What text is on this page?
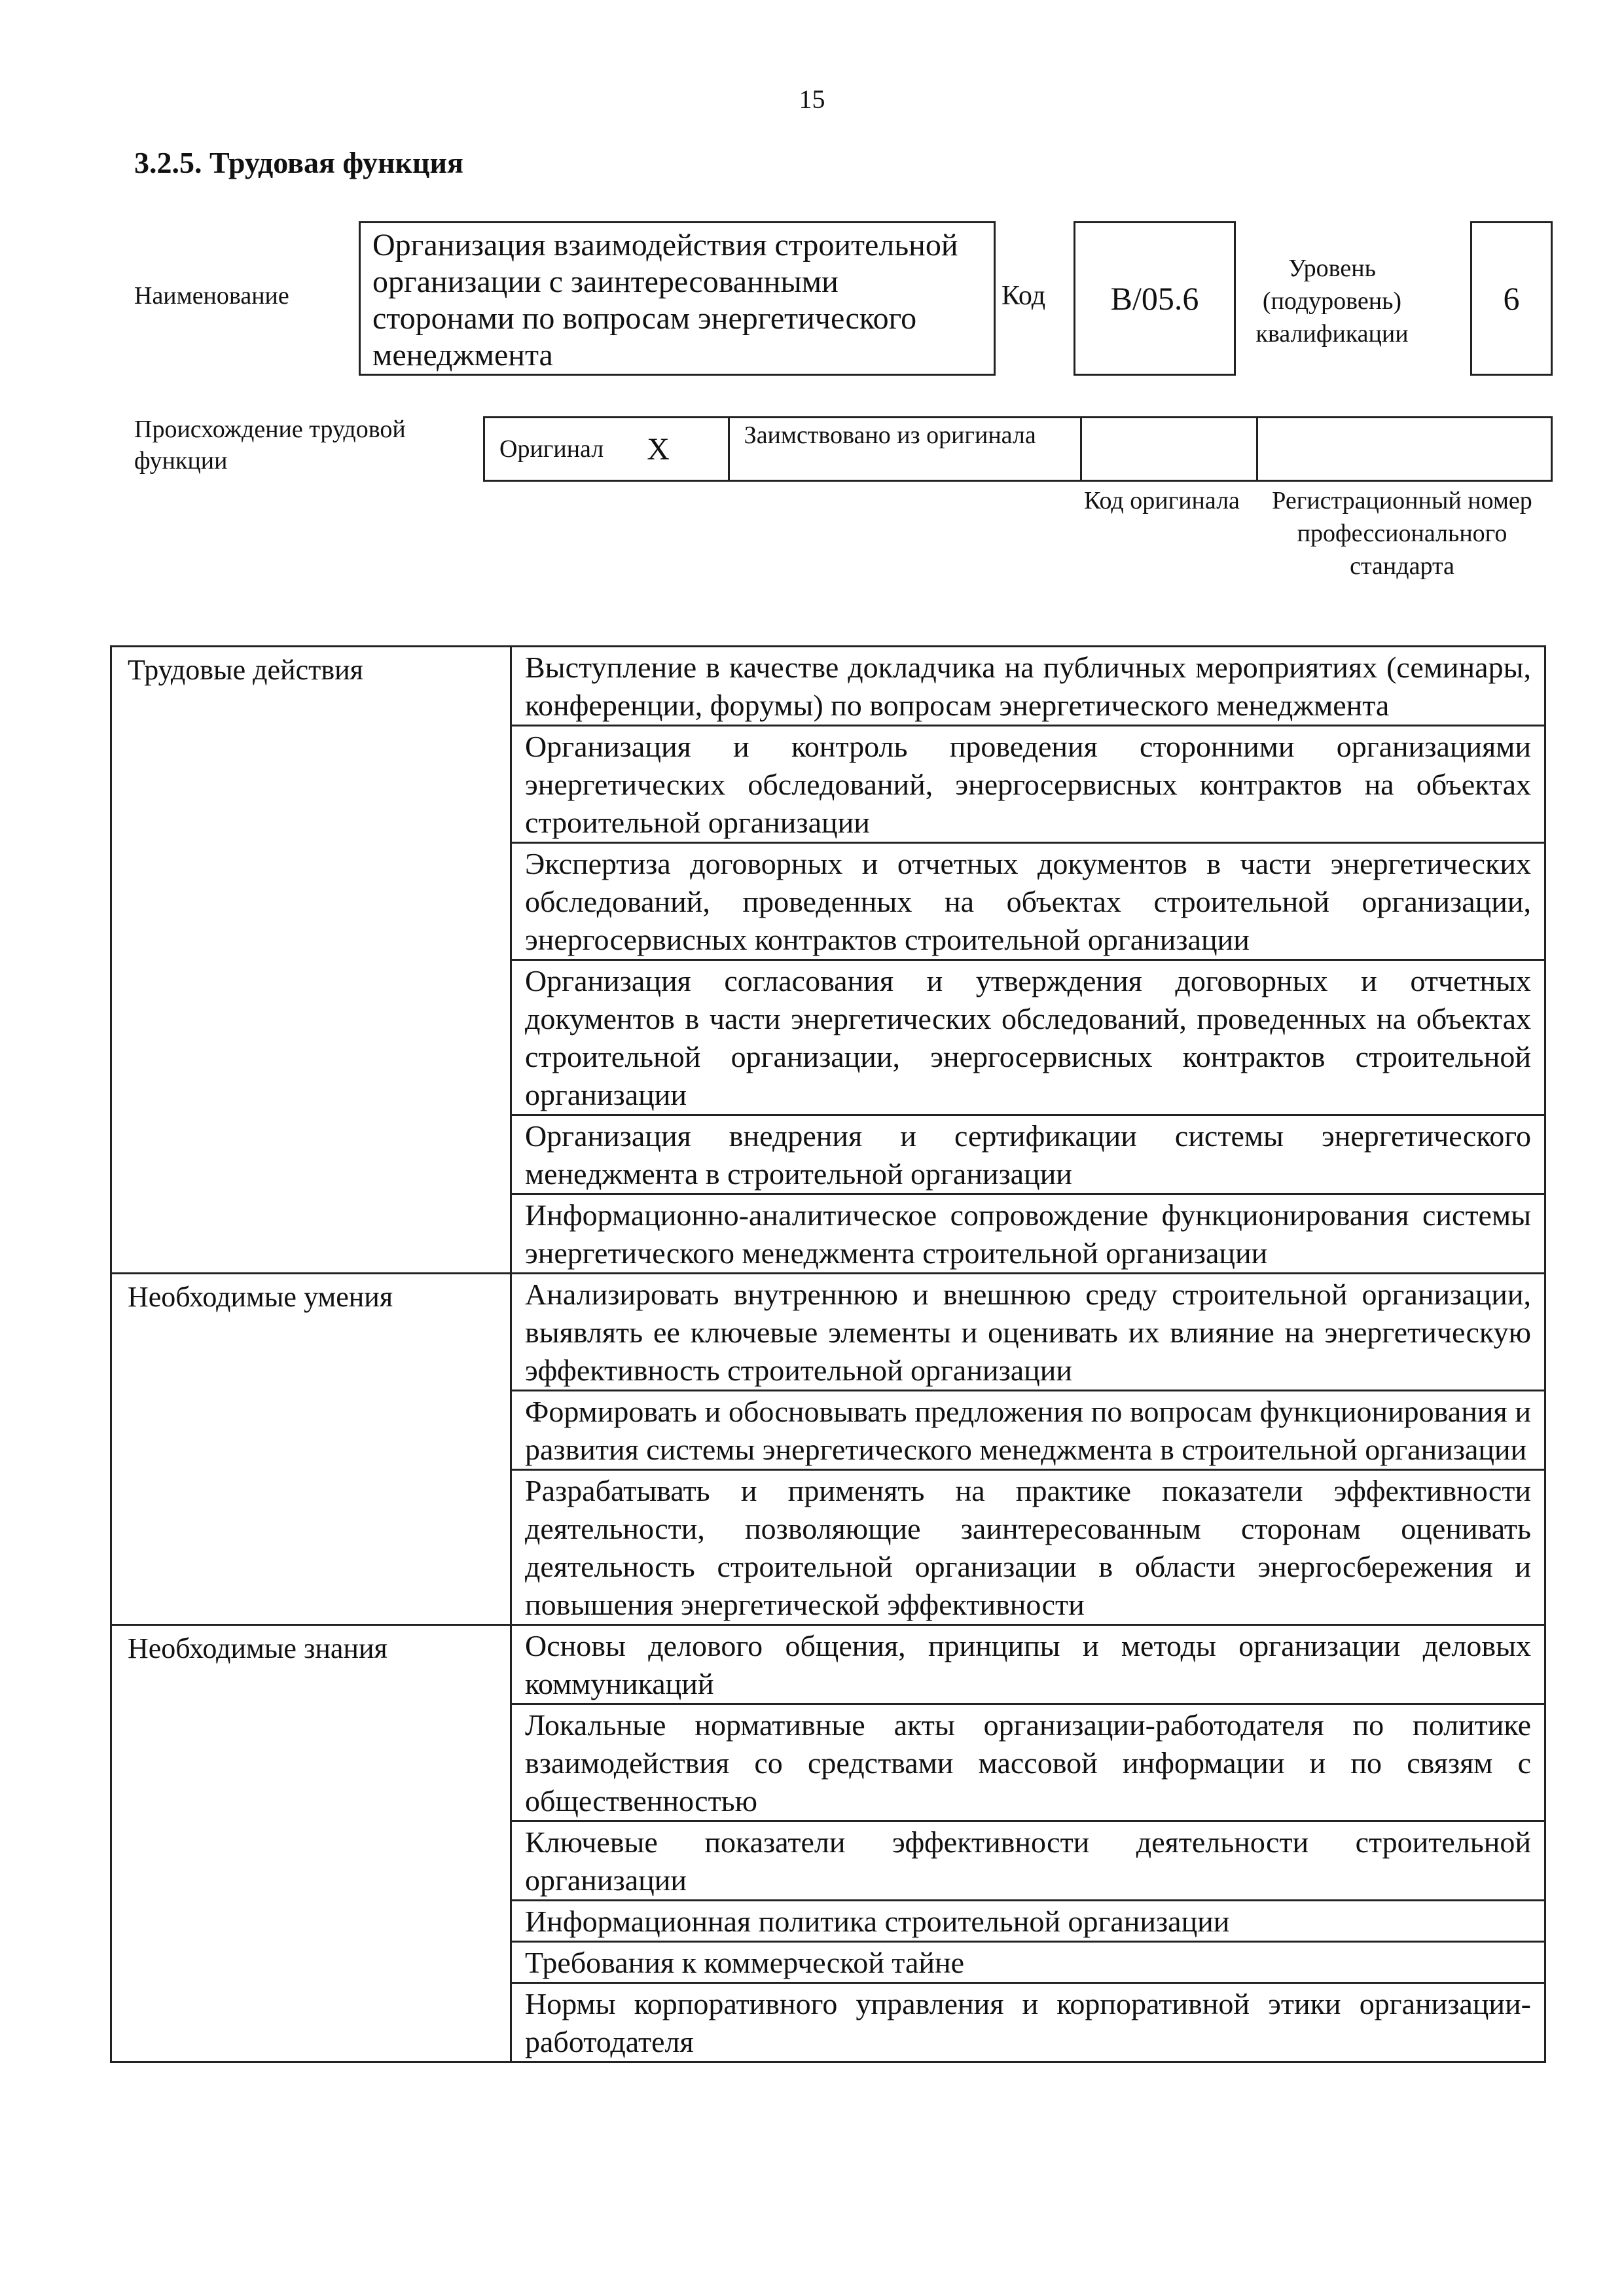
15
3.2.5. Трудовая функция
Наименование
Организация взаимодействия строительной организации с заинтересованными сторонами по вопросам энергетического менеджмента
Код	B/05.6
Уровень (подуровень) квалификации
6
Происхождение трудовой функции	Оригинал X	Заимствовано из оригинала
Код оригинала	Регистрационный номер профессионального стандарта
Трудовые действия	Выступление в качестве докладчика на публичных мероприятиях (семинары, конференции, форумы) по вопросам энергетического менеджмента
	Организация и контроль проведения сторонними организациями энергетических обследований, энергосервисных контрактов на объектах строительной организации
	Экспертиза договорных и отчетных документов в части энергетических обследований, проведенных на объектах строительной организации, энергосервисных контрактов строительной организации
	Организация согласования и утверждения договорных и отчетных документов в части энергетических обследований, проведенных на объектах строительной организации, энергосервисных контрактов строительной организации
	Организация внедрения и сертификации системы энергетического менеджмента в строительной организации
	Информационно-аналитическое сопровождение функционирования системы энергетического менеджмента строительной организации
Необходимые умения	Анализировать внутреннюю и внешнюю среду строительной организации, выявлять ее ключевые элементы и оценивать их влияние на энергетическую эффективность строительной организации
	Формировать и обосновывать предложения по вопросам функционирования и развития системы энергетического менеджмента в строительной организации
	Разрабатывать и применять на практике показатели эффективности деятельности, позволяющие заинтересованным сторонам оценивать деятельность строительной организации в области энергосбережения и повышения энергетической эффективности
Необходимые знания	Основы делового общения, принципы и методы организации деловых коммуникаций
	Локальные нормативные акты организации-работодателя по политике взаимодействия со средствами массовой информации и по связям с общественностью
	Ключевые показатели эффективности деятельности строительной организации
	Информационная политика строительной организации
	Требования к коммерческой тайне
	Нормы корпоративного управления и корпоративной этики организации-работодателя
